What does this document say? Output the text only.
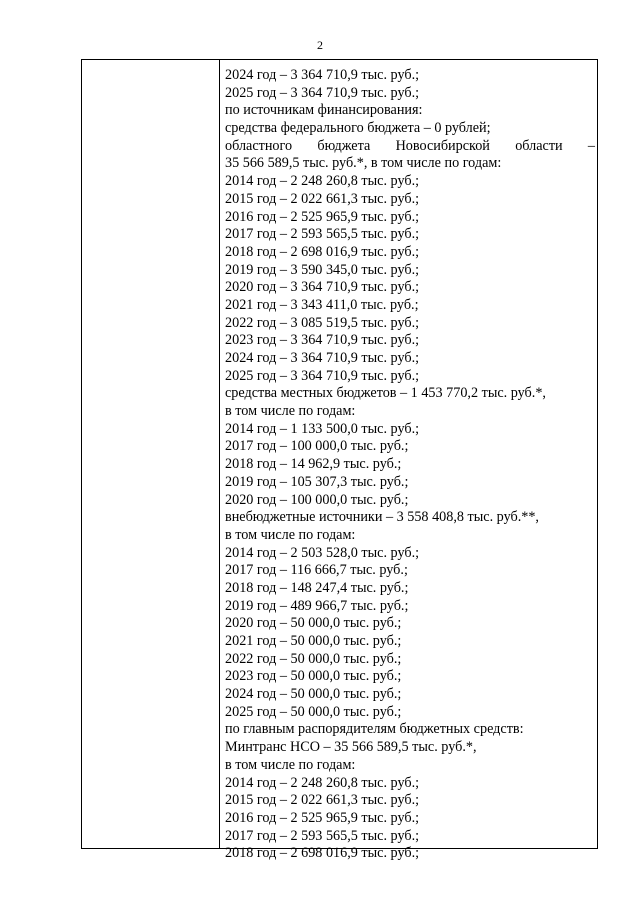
2
2024 год – 3 364 710,9 тыс. руб.;
2025 год – 3 364 710,9 тыс. руб.;
по источникам финансирования:
средства федерального бюджета – 0 рублей;
областного бюджета Новосибирской области –
35 566 589,5 тыс. руб.*, в том числе по годам:
2014 год – 2 248 260,8 тыс. руб.;
2015 год – 2 022 661,3 тыс. руб.;
2016 год – 2 525 965,9 тыс. руб.;
2017 год – 2 593 565,5 тыс. руб.;
2018 год – 2 698 016,9 тыс. руб.;
2019 год – 3 590 345,0 тыс. руб.;
2020 год – 3 364 710,9 тыс. руб.;
2021 год – 3 343 411,0 тыс. руб.;
2022 год – 3 085 519,5 тыс. руб.;
2023 год – 3 364 710,9 тыс. руб.;
2024 год – 3 364 710,9 тыс. руб.;
2025 год – 3 364 710,9 тыс. руб.;
средства местных бюджетов – 1 453 770,2 тыс. руб.*,
в том числе по годам:
2014 год – 1 133 500,0 тыс. руб.;
2017 год – 100 000,0 тыс. руб.;
2018 год – 14 962,9 тыс. руб.;
2019 год – 105 307,3 тыс. руб.;
2020 год – 100 000,0 тыс. руб.;
внебюджетные источники – 3 558 408,8 тыс. руб.**,
в том числе по годам:
2014 год – 2 503 528,0 тыс. руб.;
2017 год – 116 666,7 тыс. руб.;
2018 год – 148 247,4 тыс. руб.;
2019 год – 489 966,7 тыс. руб.;
2020 год – 50 000,0 тыс. руб.;
2021 год – 50 000,0 тыс. руб.;
2022 год – 50 000,0 тыс. руб.;
2023 год – 50 000,0 тыс. руб.;
2024 год – 50 000,0 тыс. руб.;
2025 год – 50 000,0 тыс. руб.;
по главным распорядителям бюджетных средств:
Минтранс НСО – 35 566 589,5 тыс. руб.*,
в том числе по годам:
2014 год – 2 248 260,8 тыс. руб.;
2015 год – 2 022 661,3 тыс. руб.;
2016 год – 2 525 965,9 тыс. руб.;
2017 год – 2 593 565,5 тыс. руб.;
2018 год – 2 698 016,9 тыс. руб.;
